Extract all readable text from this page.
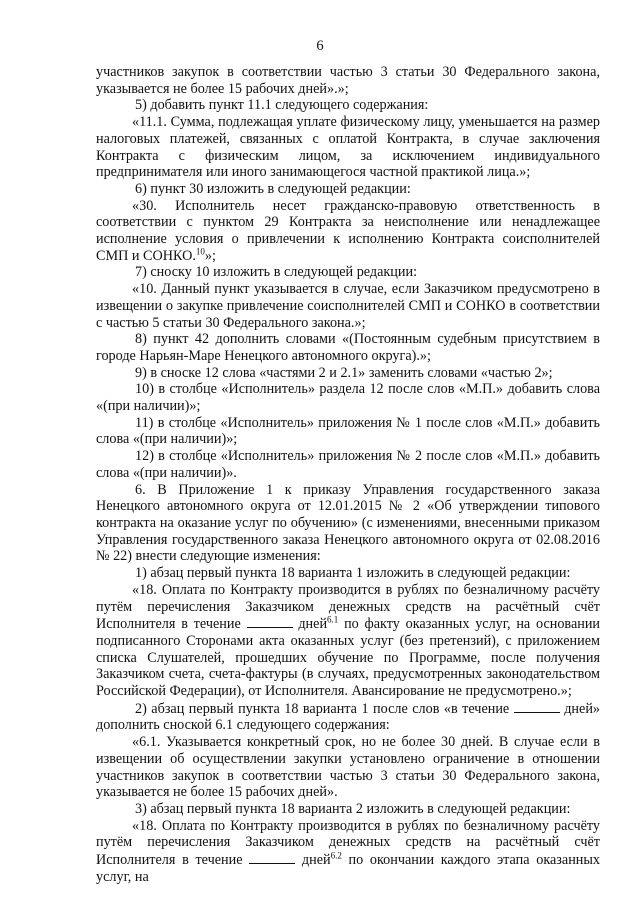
6

участников закупок в соответствии частью 3 статьи 30 Федерального закона, указывается не более 15 рабочих дней».»;

5) добавить пункт 11.1 следующего содержания:

«11.1. Сумма, подлежащая уплате физическому лицу, уменьшается на размер налоговых платежей, связанных с оплатой Контракта, в случае заключения Контракта с физическим лицом, за исключением индивидуального предпринимателя или иного занимающегося частной практикой лица.»;

6) пункт 30 изложить в следующей редакции:

«30. Исполнитель несет гражданско-правовую ответственность в соответствии с пунктом 29 Контракта за неисполнение или ненадлежащее исполнение условия о привлечении к исполнению Контракта соисполнителей СМП и СОНКО.$^{10}$»;

7) сноску 10 изложить в следующей редакции:

«10. Данный пункт указывается в случае, если Заказчиком предусмотрено в извещении о закупке привлечение соисполнителей СМП и СОНКО в соответствии с частью 5 статьи 30 Федерального закона.»;

8) пункт 42 дополнить словами «(Постоянным судебным присутствием в городе Нарьян-Маре Ненецкого автономного округа).»;

9) в сноске 12 слова «частями 2 и 2.1» заменить словами «частью 2»;

10) в столбце «Исполнитель» раздела 12 после слов «М.П.» добавить слова «(при наличии)»;

11) в столбце «Исполнитель» приложения № 1 после слов «М.П.» добавить слова «(при наличии)»;

12) в столбце «Исполнитель» приложения № 2 после слов «М.П.» добавить слова «(при наличии)».

6. В Приложение 1 к приказу Управления государственного заказа Ненецкого автономного округа от 12.01.2015 № 2 «Об утверждении типового контракта на оказание услуг по обучению» (с изменениями, внесенными приказом Управления государственного заказа Ненецкого автономного округа от 02.08.2016 № 22) внести следующие изменения:

1) абзац первый пункта 18 варианта 1 изложить в следующей редакции:

«18. Оплата по Контракту производится в рублях по безналичному расчёту путём перечисления Заказчиком денежных средств на расчётный счёт Исполнителя в течение	дней$^{6.1}$ по факту оказанных услуг, на основании подписанного Сторонами акта оказанных услуг (без претензий), с приложением списка Слушателей, прошедших обучение по Программе, после получения Заказчиком счета, счета-фактуры (в случаях, предусмотренных законодательством Российской Федерации), от Исполнителя. Авансирование не предусмотрено.»;

2) абзац первый пункта 18 варианта 1 после слов «в течение	дней» дополнить сноской 6.1 следующего содержания:

«6.1. Указывается конкретный срок, но не более 30 дней. В случае если в извещении об осуществлении закупки установлено ограничение в отношении участников закупок в соответствии частью 3 статьи 30 Федерального закона, указывается не более 15 рабочих дней».

3) абзац первый пункта 18 варианта 2 изложить в следующей редакции:

«18. Оплата по Контракту производится в рублях по безналичному расчёту путём перечисления Заказчиком денежных средств на расчётный счёт Исполнителя в течение	дней$^{6.2}$ по окончании каждого этапа оказанных услуг, на
